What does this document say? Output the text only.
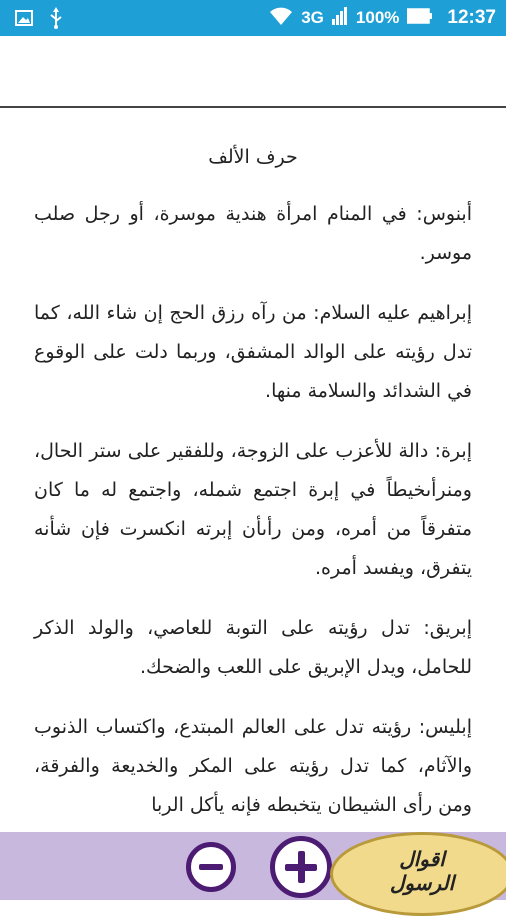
3G 100%	12:37
حرف الألف

أبنوس: في المنام امرأة هندية موسرة، أو رجل صلب موسر.

إبراهيم عليه السلام: من رآه رزق الحج إن شاء الله، كما تدل رؤيته على الوالد المشفق، وربما دلت على الوقوع في الشدائد والسلامة منها.

إبرة: دالة للأعزب على الزوجة، وللفقير على ستر الحال، ومنرأىخيطاً في إبرة اجتمع شمله، واجتمع له ما كان متفرقاً من أمره، ومن رأىأن إبرته انكسرت فإن شأنه يتفرق، ويفسد أمره.

إبريق: تدل رؤيته على التوبة للعاصي، والولد الذكر للحامل، ويدل الإبريق على اللعب والضحك.

إبليس: رؤيته تدل على العالم المبتدع، واكتساب الذنوب والآثام، كما تدل رؤيته على المكر والخديعة والفرقة، ومن رأى الشيطان يتخبطه فإنه يأكل الربا

اقوال
الرسول
